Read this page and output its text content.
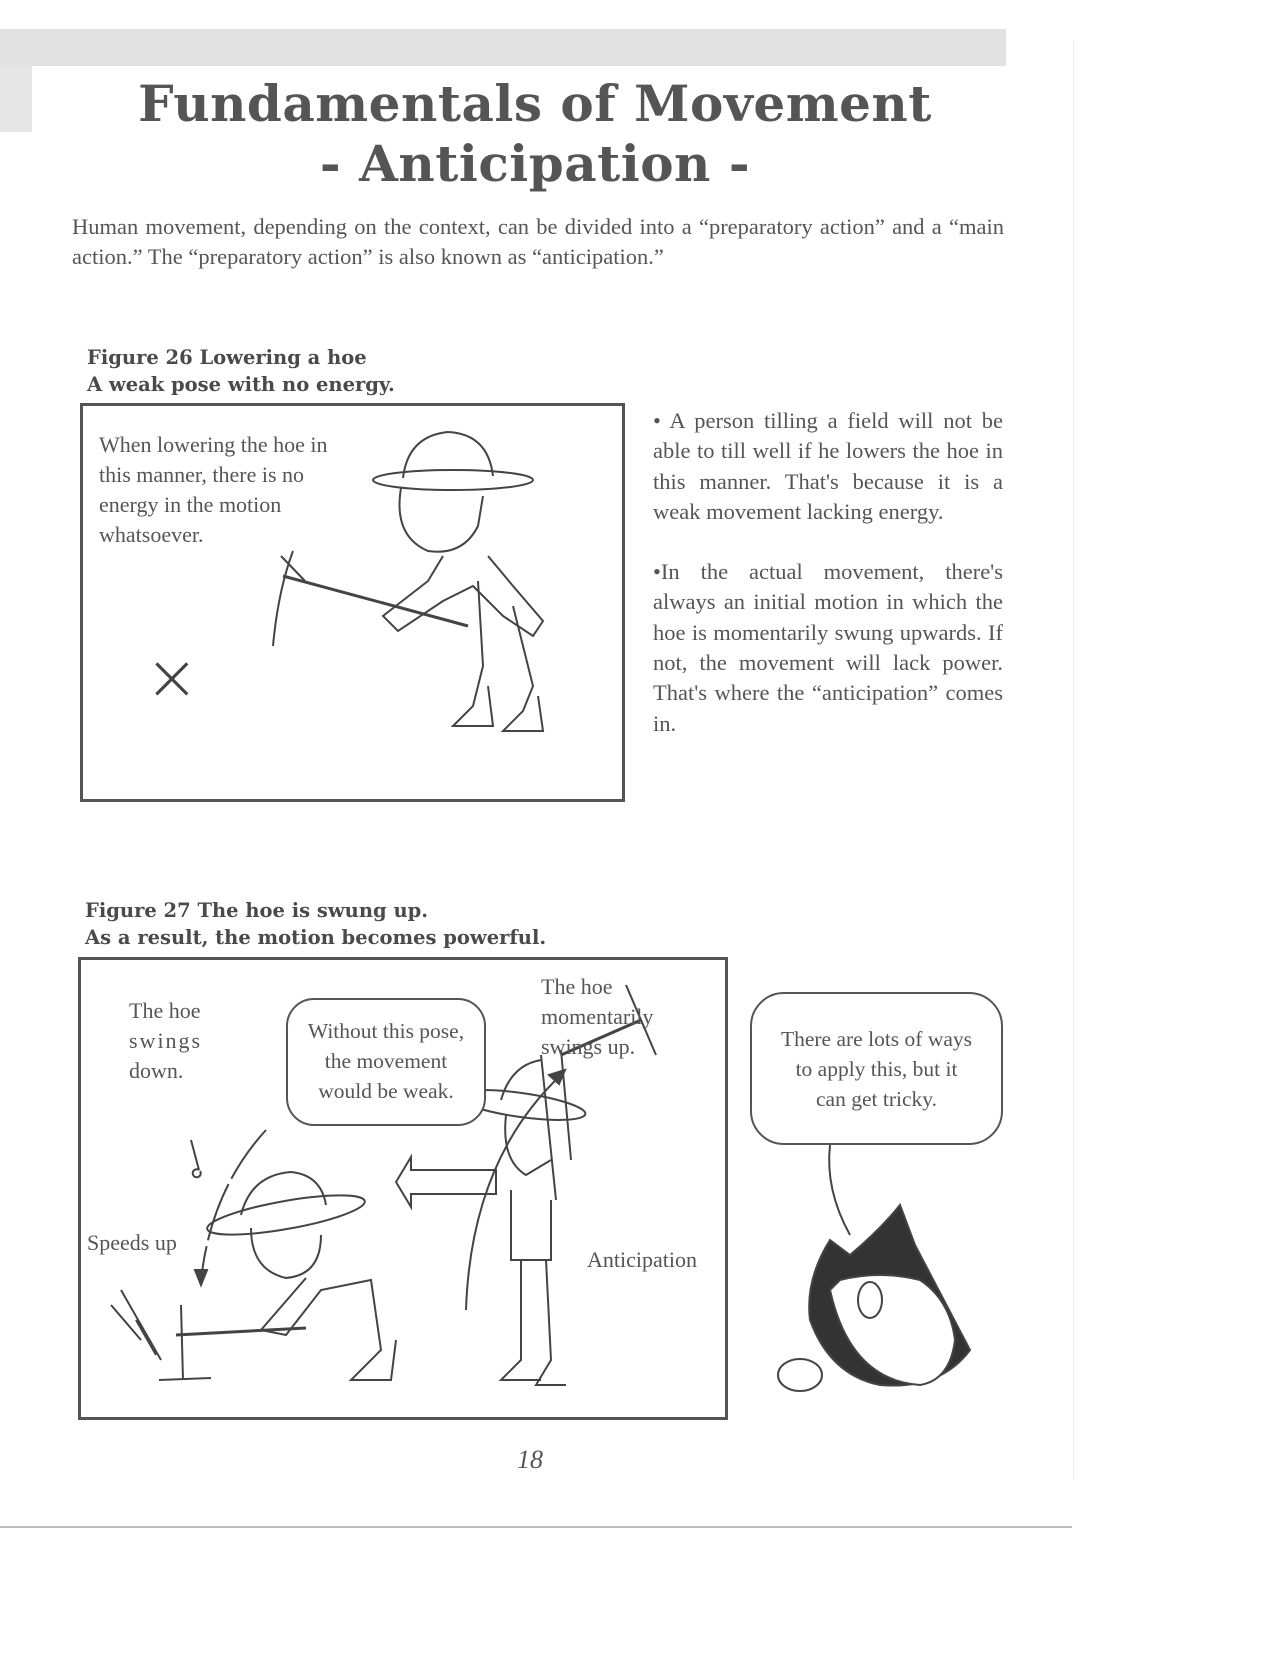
Fundamentals of Movement
- Anticipation -
Human movement, depending on the context, can be divided into a “preparatory action” and a “main action.” The “preparatory action” is also known as “anticipation.”
Figure 26 Lowering a hoe
A weak pose with no energy.
When lowering the hoe in this manner, there is no energy in the motion whatsoever.
×

• A person tilling a field will not be able to till well if he lowers the hoe in this manner. That's because it is a weak movement lacking energy.

•In the actual movement, there's always an initial motion in which the hoe is momentarily swung upwards. If not, the movement will lack power. That's where the “anticipation” comes in.

Figure 27 The hoe is swung up.
As a result, the motion becomes powerful.
The hoe
swings
down.
Without this pose,
the movement
would be weak.
The hoe
momentarily
swings up.
Speeds up
Anticipation
There are lots of ways
to apply this, but it
can get tricky.
18
